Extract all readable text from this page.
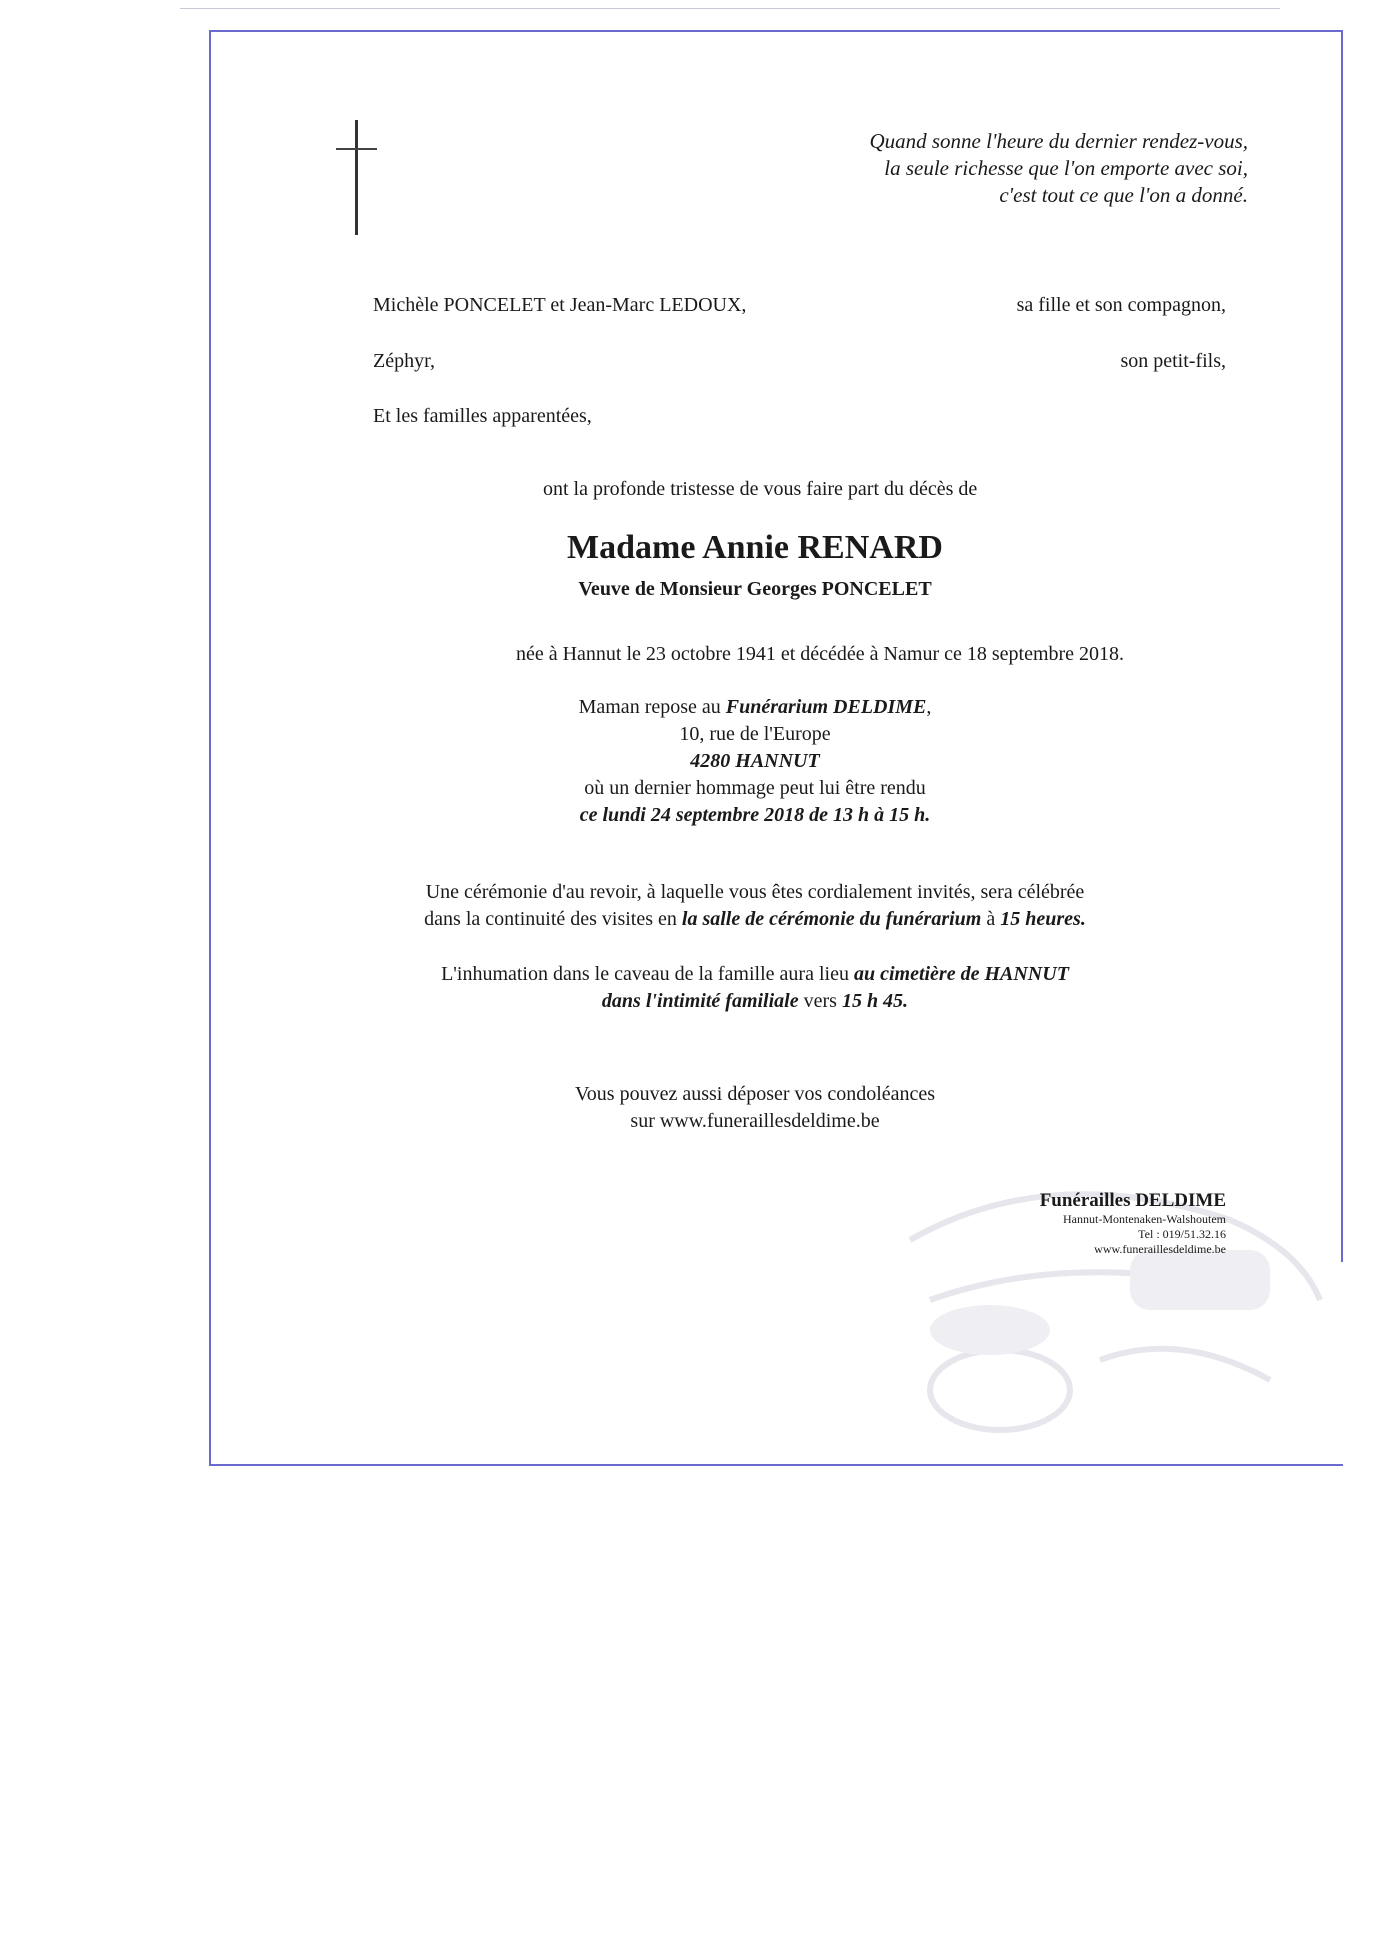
Quand sonne l'heure du dernier rendez-vous,
la seule richesse que l'on emporte avec soi,
c'est tout ce que l'on a donné.
Michèle PONCELET et Jean-Marc LEDOUX,	sa fille et son compagnon,
Zéphyr,	son petit-fils,
Et les familles apparentées,
ont la profonde tristesse de vous faire part du décès de
Madame Annie RENARD
Veuve de Monsieur Georges PONCELET
née à Hannut le 23 octobre 1941 et décédée à Namur ce 18 septembre 2018.
Maman repose au Funérarium DELDIME,
10, rue de l'Europe
4280 HANNUT
où un dernier hommage peut lui être rendu
ce lundi 24 septembre 2018 de 13 h à 15 h.
Une cérémonie d'au revoir, à laquelle vous êtes cordialement invités, sera célébrée
dans la continuité des visites en la salle de cérémonie du funérarium à 15 heures.
L'inhumation dans le caveau de la famille aura lieu au cimetière de HANNUT
dans l'intimité familiale vers 15 h 45.
Vous pouvez aussi déposer vos condoléances
sur www.funeraillesdeldime.be
Funérailles DELDIME
Hannut-Montenaken-Walshoutem
Tel : 019/51.32.16
www.funeraillesdeldime.be
